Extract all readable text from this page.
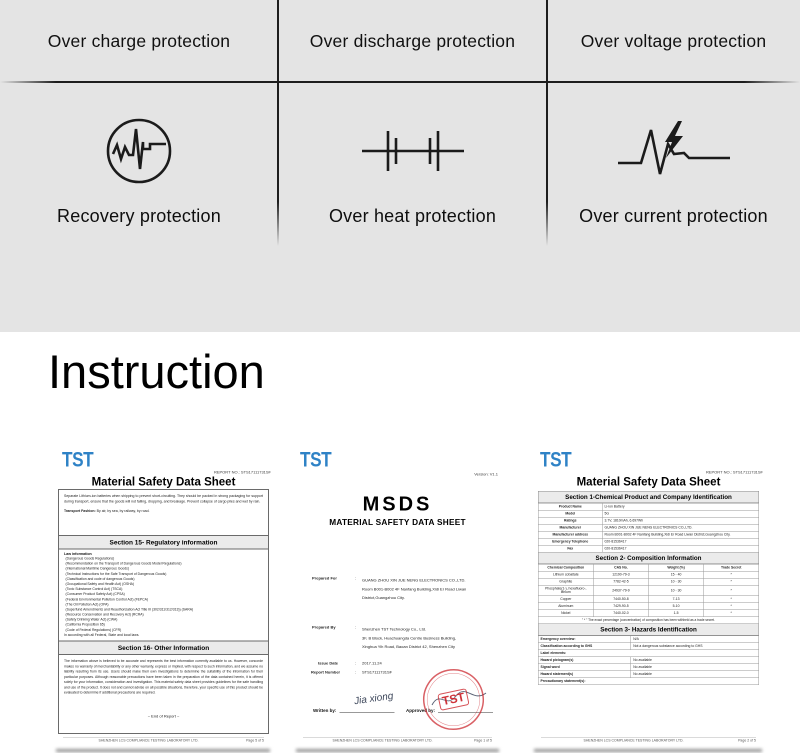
Over charge protection	Over discharge protection	Over voltage protection
Recovery protection	Over heat protection	Over current protection
Instruction
TST
REPORT NO.: STS17111731SF
Material Safety Data Sheet
Separate Lithium-ion batteries when shipping to prevent short-circuiting. They should be packed in strong packaging for support during transport, ensure that the goods will not falling, dropping, and breakage. Prevent collapse of cargo piles and wet by rain.
Transport Fashion: By air, by sea, by railway, by road.
Section 15- Regulatory information
Law information
(Dangerous Goods Regulations)
(Recommendation on the Transport of Dangerous Goods Model Regulations)
(International Maritime Dangerous Goods)
(Technical Instructions for the Safe Transport of Dangerous Goods)
(Classification and code of dangerous Goods)
(Occupational Safety and Health Act) (OSHA)
(Toxic Substance Control Act) (TSCA)
(Consumer Product Safety Act) (CPSA)
(Federal Environmental Pollution Control Act) (FEPCA)
(The Oil Pollution Act) (OPA)
(Superfund Amendments and Reauthorization Act Title III (302/311/312/313)) (SARA)
(Resource Conservation and Recovery Act) (RCRA)
(Safety Drinking Water Act) (CWA)
(California Proposition 65)
(Code of Federal Regulations) (CFR)
In according with all Federal, State and local laws.
Section 16- Other Information
The information above is believed to be accurate and represents the best information currently available to us. However, concorde makes no warranty of merchantability or any other warranty, express or implied, with respect to such information, and we assume no liability resulting from its use. Users should make their own investigations to determine the suitability of the information for their particular purposes. Although reasonable precautions have been taken in the preparation of the data contained herein, it is offered solely for your information, consideration and investigation. This material safety data sheet provides guidelines for the safe handling and use of the product. It does not and cannot advise on all possible situations, therefore, your specific use of this product should be evaluated to determine if additional precautions are required.
~ End of Report ~
SHENZHEN LCS COMPLIANCE TESTING LABORATORY LTD.	Page 5 of 5
TST
Version: V1.1
MSDS
MATERIAL SAFETY DATA SHEET
Prepared For	: GUANG ZHOU XIN JUE NENG ELECTRONICS CO.,LTD.
Room B001-B002 4F Nanfang Building,Xidi Er Road Liwan
District,Guangzhou City.
Prepared By	: Shenzhen TST Technology Co., Ltd.
3F, B Block, Huachuangda Centre Business Building,
Xinghua Yih Road, Baoan District 42, Shenzhen City
Issue Date	: 2017.11.24
Report Number	: STS17111731SF
Jia xiong
Written by:	Approved by:
TST
SHENZHEN LCS COMPLIANCE TESTING LABORATORY LTD.	Page 1 of 5
TST
REPORT NO.: STS17111731SF
Material Safety Data Sheet
Section 1-Chemical Product and Company Identification
Product Name	Li-ion Battery
Model	5G
Ratings	3.7V, 1810mAh, 6.697Wh
Manufacturer	GUANG ZHOU XIN JUE NENG ELECTRONICS CO.,LTD.
Manufacturer address	Room B001-B002 4F Nanfang Building,Xidi Er Road Liwan District,Guangzhou City.
Emergency Telephone	020-81536417
Fax	020-81536417
Section 2- Composition Information
Chemical Composition	CAS No.	Weight (%)	Trade Secret
Lithium cobaltate	12190-79-3	15 - 40	*
Graphite	7782-42-5	10 - 30	*
Phosphate(1-), hexafluoro-, lithium	24937-79-9	10 - 30	*
Copper	7440-50-8	7-13	*
Aluminum	7429-90-5	5-10	*
Nickel	7440-02-0	1-5	*
" * " The exact percentage (concentration) of composition has been withheld as a trade secret.
Section 3- Hazards Identification
Emergency overview:	N/A
Classification according to GHS	Not a dangerous substance according to GHS
Label elements:	
Hazard pictogram(s)	No available
Signal word	No available
Hazard statement(s)	No available
Precautionary statement(s):	
SHENZHEN LCS COMPLIANCE TESTING LABORATORY LTD.	Page 2 of 5
